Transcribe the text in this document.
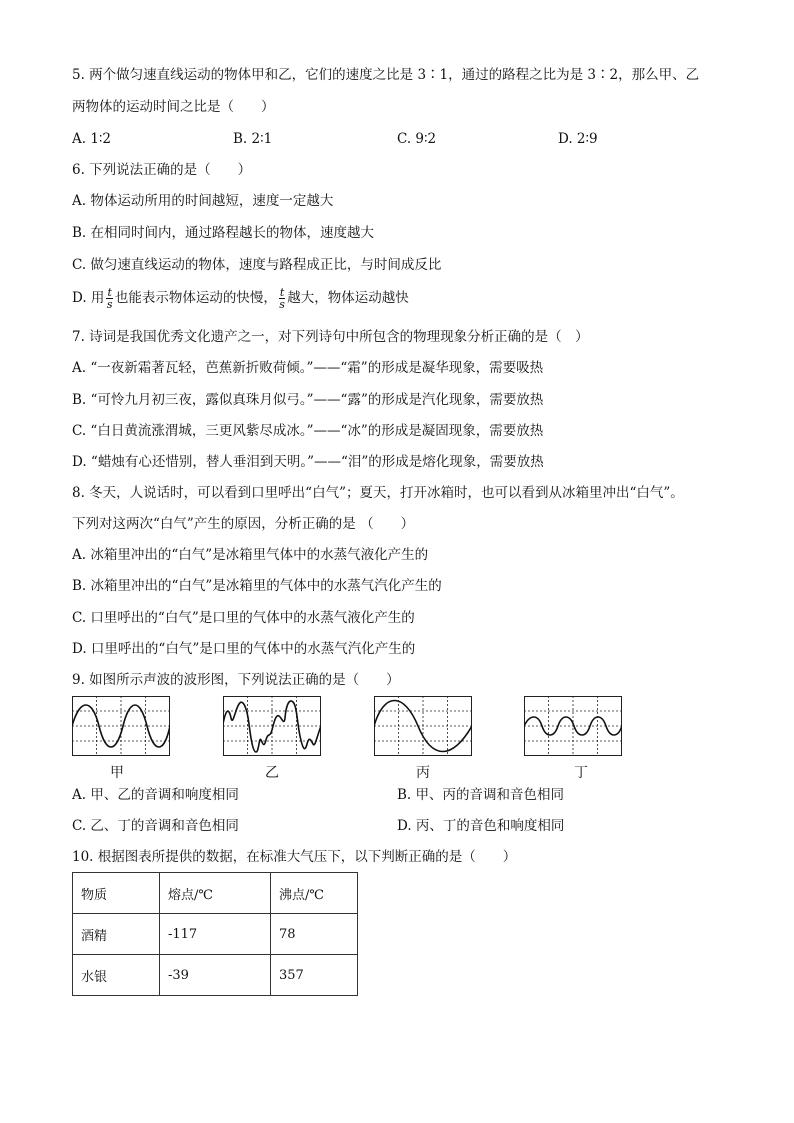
5. 两个做匀速直线运动的物体甲和乙，它们的速度之比是 3∶1，通过的路程之比为是 3∶2，那么甲、乙
两物体的运动时间之比是（　　）
A. 1∶2	B. 2∶1	C. 9∶2	D. 2∶9
6. 下列说法正确的是（　　）
A. 物体运动所用的时间越短，速度一定越大
B. 在相同时间内，通过路程越长的物体，速度越大
C. 做匀速直线运动的物体，速度与路程成正比，与时间成反比
D. 用 $\frac{t}{s}$ 也能表示物体运动的快慢， $\frac{t}{s}$ 越大，物体运动越快
7. 诗词是我国优秀文化遗产之一，对下列诗句中所包含的物理现象分析正确的是（　）
A. “一夜新霜著瓦轻，芭蕉新折败荷倾。”——“霜”的形成是凝华现象，需要吸热
B. “可怜九月初三夜，露似真珠月似弓。”——“露”的形成是汽化现象，需要放热
C. “白日黄流涨渭城，三更风紫尽成冰。”——“冰”的形成是凝固现象，需要放热
D. “蜡烛有心还惜别，替人垂泪到天明。”——“泪”的形成是熔化现象，需要放热
8. 冬天，人说话时，可以看到口里呼出“白气”；夏天，打开冰箱时，也可以看到从冰箱里冲出“白气”。
下列对这两次“白气”产生的原因，分析正确的是 （　　）
A. 冰箱里冲出的“白气”是冰箱里气体中的水蒸气液化产生的
B. 冰箱里冲出的“白气”是冰箱里的气体中的水蒸气汽化产生的
C. 口里呼出的“白气”是口里的气体中的水蒸气液化产生的
D. 口里呼出的“白气”是口里的气体中的水蒸气汽化产生的
9. 如图所示声波的波形图，下列说法正确的是（　　）
甲	乙	丙	丁
A. 甲、乙的音调和响度相同	B. 甲、丙的音调和音色相同
C. 乙、丁的音调和音色相同	D. 丙、丁的音色和响度相同
10. 根据图表所提供的数据，在标准大气压下，以下判断正确的是（　　）
物质	熔点/℃	沸点/℃
酒精	-117	78
水银	-39	357
